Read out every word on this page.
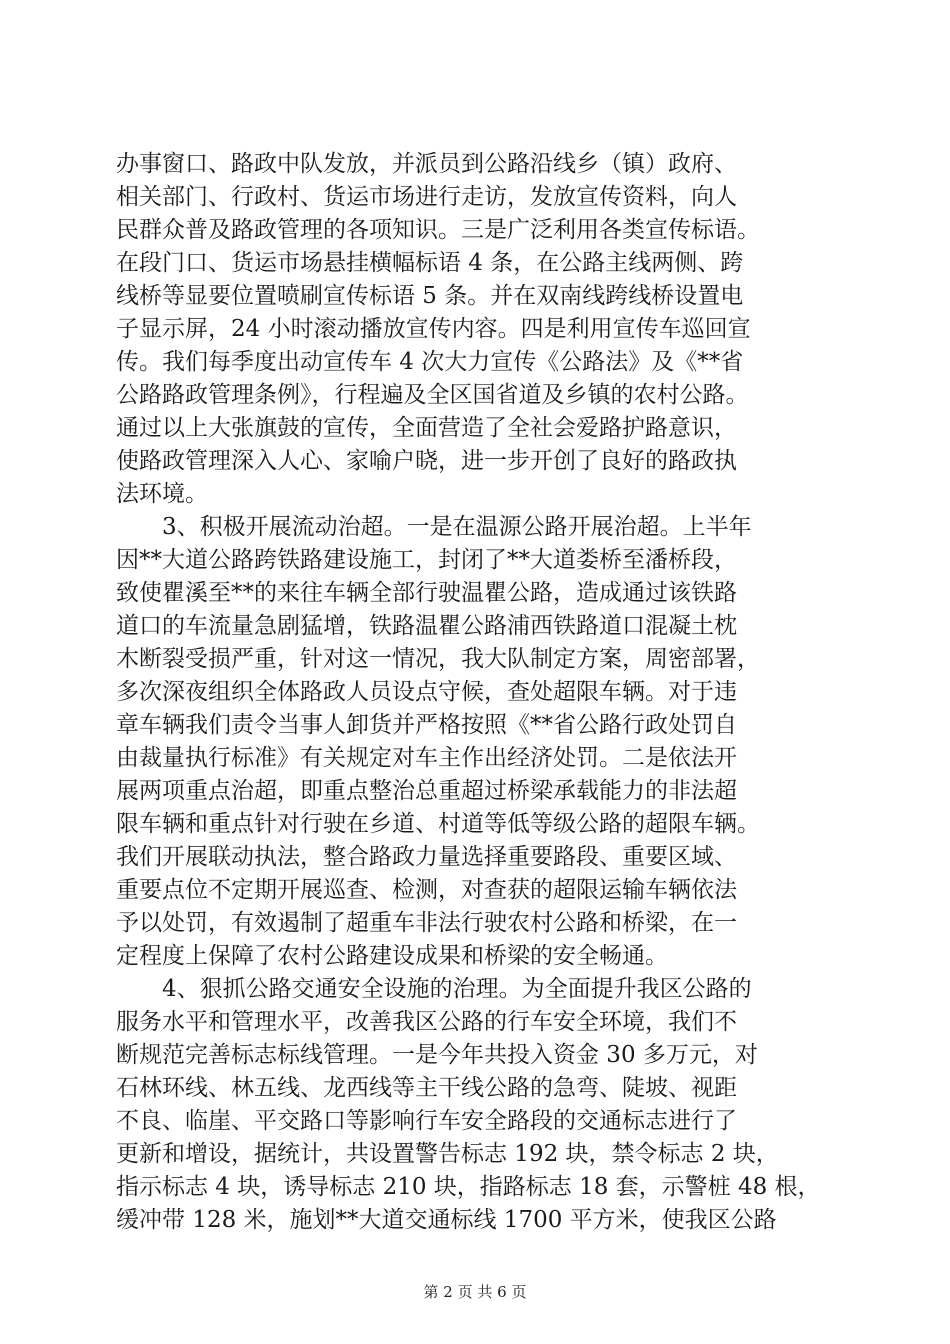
办事窗口、路政中队发放，并派员到公路沿线乡（镇）政府、
相关部门、行政村、货运市场进行走访，发放宣传资料，向人
民群众普及路政管理的各项知识。三是广泛利用各类宣传标语。
在段门口、货运市场悬挂横幅标语 4 条，在公路主线两侧、跨
线桥等显要位置喷刷宣传标语 5 条。并在双南线跨线桥设置电
子显示屏，24 小时滚动播放宣传内容。四是利用宣传车巡回宣
传。我们每季度出动宣传车 4 次大力宣传《公路法》及《**省
公路路政管理条例》，行程遍及全区国省道及乡镇的农村公路。
通过以上大张旗鼓的宣传，全面营造了全社会爱路护路意识，
使路政管理深入人心、家喻户晓，进一步开创了良好的路政执
法环境。
　　3、积极开展流动治超。一是在温源公路开展治超。上半年
因**大道公路跨铁路建设施工，封闭了**大道娄桥至潘桥段，
致使瞿溪至**的来往车辆全部行驶温瞿公路，造成通过该铁路
道口的车流量急剧猛增，铁路温瞿公路浦西铁路道口混凝土枕
木断裂受损严重，针对这一情况，我大队制定方案，周密部署，
多次深夜组织全体路政人员设点守候，查处超限车辆。对于违
章车辆我们责令当事人卸货并严格按照《**省公路行政处罚自
由裁量执行标准》有关规定对车主作出经济处罚。二是依法开
展两项重点治超，即重点整治总重超过桥梁承载能力的非法超
限车辆和重点针对行驶在乡道、村道等低等级公路的超限车辆。
我们开展联动执法，整合路政力量选择重要路段、重要区域、
重要点位不定期开展巡查、检测，对查获的超限运输车辆依法
予以处罚，有效遏制了超重车非法行驶农村公路和桥梁，在一
定程度上保障了农村公路建设成果和桥梁的安全畅通。
　　4、狠抓公路交通安全设施的治理。为全面提升我区公路的
服务水平和管理水平，改善我区公路的行车安全环境，我们不
断规范完善标志标线管理。一是今年共投入资金 30 多万元，对
石林环线、林五线、龙西线等主干线公路的急弯、陡坡、视距
不良、临崖、平交路口等影响行车安全路段的交通标志进行了
更新和增设，据统计，共设置警告标志 192 块，禁令标志 2 块，
指示标志 4 块，诱导标志 210 块，指路标志 18 套，示警桩 48 根，
缓冲带 128 米，施划**大道交通标线 1700 平方米，使我区公路
第 2 页 共 6 页
